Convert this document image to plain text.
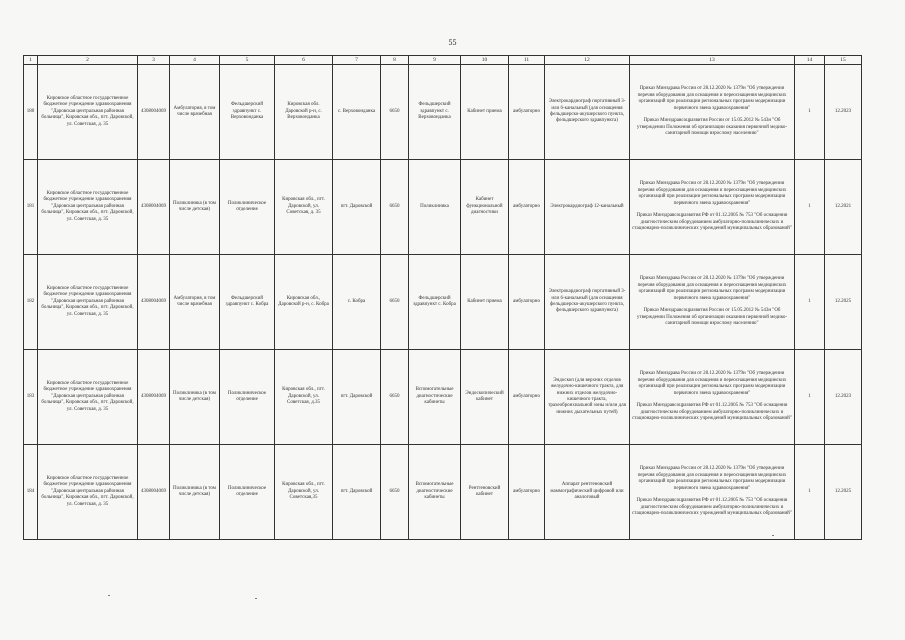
55
1	2	3	4	5	6	7	8	9	10	11	12	13	14	15
180	Кировское областное государственное бюджетное учреждение здравоохранения "Даровская центральная районная больница", Кировская обл., пгт. Даровской, ул. Советская, д. 35	4308004069	Амбулатория, в том числе врачебная	Фельдшерский здравпункт с. Верховонданка	Кировская обл. Даровской р-н, с. Верховонданка	с. Верховонданка	6650	Фельдшерский здравпункт с. Верховонданка	Кабинет приема	амбулаторно	Электрокардиограф портативный 3- или 6-канальный (для оснащения фельдшерско-акушерского пункта, фельдшерского здравпункта)	Приказ Минздрава России от 28.12.2020 № 1379н "Об утверждении перечня оборудования для оснащения и переоснащения медицинских организаций при реализации региональных программ модернизации первичного звена здравоохранения"

Приказ Минздравсоцразвития России от 15.05.2012 № 543н "Об утверждении Положения об организации оказания первичной медико-санитарной помощи взрослому населению"	1	12.2023
181	Кировское областное государственное бюджетное учреждение здравоохранения "Даровская центральная районная больница", Кировская обл., пгт. Даровской, ул. Советская, д. 35	4308004069	Поликлиника (в том числе детская)	Поликлиническое отделение	Кировская обл., пгт. Даровской, ул. Советская, д. 35	пгт. Даровской	6650	Поликлиника	Кабинет функциональной диагностики	амбулаторно	Электрокардиограф 12-канальный	Приказ Минздрава России от 28.12.2020 № 1379н "Об утверждении перечня оборудования для оснащения и переоснащения медицинских организаций при реализации региональных программ модернизации первичного звена здравоохранения"

Приказ Минздравсоцразвития РФ от 01.12.2005 № 753 "Об оснащении диагностическим оборудованием амбулаторно-поликлинических и стационарно-поликлинических учреждений муниципальных образований"	1	12.2021
182	Кировское областное государственное бюджетное учреждение здравоохранения "Даровская центральная районная больница", Кировская обл., пгт. Даровской, ул. Советская, д. 35	4308004069	Амбулатория, в том числе врачебная	Фельдшерский здравпункт с. Кобра	Кировская обл., Даровской р-н, с. Кобра	с. Кобра	6650	Фельдшерский здравпункт с. Кобра	Кабинет приема	амбулаторно	Электрокардиограф портативный 3- или 6-канальный (для оснащения фельдшерско-акушерского пункта, фельдшерского здравпункта)	Приказ Минздрава России от 28.12.2020 № 1379н "Об утверждении перечня оборудования для оснащения и переоснащения медицинских организаций при реализации региональных программ модернизации первичного звена здравоохранения"

Приказ Минздравсоцразвития России от 15.05.2012 № 543н "Об утверждении Положения об организации оказания первичной медико-санитарной помощи взрослому населению"	1	12.2025
183	Кировское областное государственное бюджетное учреждение здравоохранения "Даровская центральная районная больница", Кировская обл., пгт. Даровской, ул. Советская, д. 35	4308004069	Поликлиника (в том числе детская)	Поликлиническое отделение	Кировская обл., пгт. Даровской, ул. Советская, д.35	пгт. Даровской	6650	Вспомогательные диагностические кабинеты	Эндоскопический кабинет	амбулаторно	Эндоскоп (для верхних отделов желудочно-кишечного тракта, для нижних отделов желудочно-кишечного тракта, трахеобронхиальной зоны и/или для нижних дыхательных путей)	Приказ Минздрава России от 28.12.2020 № 1379н "Об утверждении перечня оборудования для оснащения и переоснащения медицинских организаций при реализации региональных программ модернизации первичного звена здравоохранения"

Приказ Минздравсоцразвития РФ от 01.12.2005 № 753 "Об оснащении диагностическим оборудованием амбулаторно-поликлинических и стационарно-поликлинических учреждений муниципальных образований"	1	12.2023
184	Кировское областное государственное бюджетное учреждение здравоохранения "Даровская центральная районная больница", Кировская обл., пгт. Даровской, ул. Советская, д. 35	4308004069	Поликлиника (в том числе детская)	Поликлиническое отделение	Кировская обл., пгт. Даровской, ул. Советская,35	пгт. Даровской	6650	Вспомогательные диагностические кабинеты	Рентгеновский кабинет	амбулаторно	Аппарат рентгеновский маммографический цифровой или аналоговый	Приказ Минздрава России от 28.12.2020 № 1379н "Об утверждении перечня оборудования для оснащения и переоснащения медицинских организаций при реализации региональных программ модернизации первичного звена здравоохранения"

Приказ Минздравсоцразвития РФ от 01.12.2005 № 753 "Об оснащении диагностическим оборудованием амбулаторно-поликлинических и стационарно-поликлинических учреждений муниципальных образований"	1	12.2025
